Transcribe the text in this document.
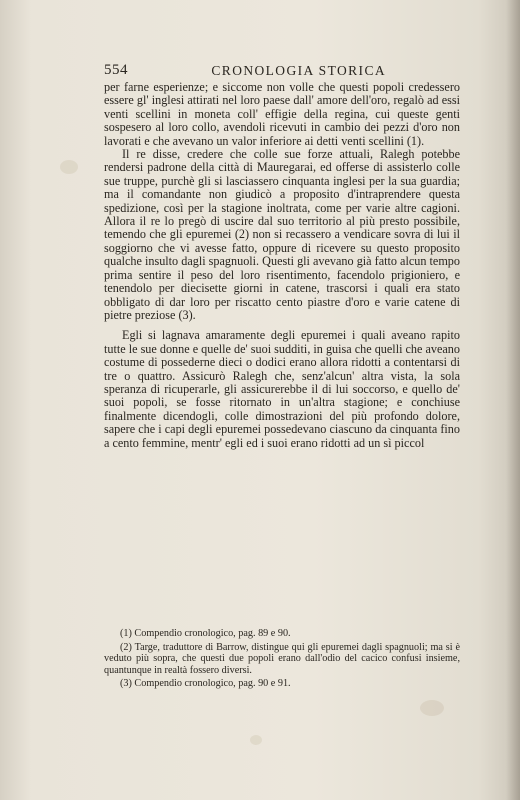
554	CRONOLOGIA STORICA

per farne esperienze; e siccome non volle che questi popoli credessero essere gl' inglesi attirati nel loro paese dall' amore dell'oro, regalò ad essi venti scellini in moneta coll' effigie della regina, cui queste genti sospesero al loro collo, avendoli ricevuti in cambio dei pezzi d'oro non lavorati e che avevano un valor inferiore ai detti venti scellini (1).

Il re disse, credere che colle sue forze attuali, Ralegh potebbe rendersi padrone della città di Mauregarai, ed offerse di assisterlo colle sue truppe, purchè gli si lasciassero cinquanta inglesi per la sua guardia; ma il comandante non giudicò a proposito d'intraprendere questa spedizione, così per la stagione inoltrata, come per varie altre cagioni. Allora il re lo pregò di uscire dal suo territorio al più presto possibile, temendo che gli epuremei (2) non si recassero a vendicare sovra di lui il soggiorno che vi avesse fatto, oppure di ricevere su questo proposito qualche insulto dagli spagnuoli. Questi gli avevano già fatto alcun tempo prima sentire il peso del loro risentimento, facendolo prigioniero, e tenendolo per diecisette giorni in catene, trascorsi i quali era stato obbligato di dar loro per riscatto cento piastre d'oro e varie catene di pietre preziose (3).

Egli si lagnava amaramente degli epuremei i quali aveano rapito tutte le sue donne e quelle de' suoi sudditi, in guisa che quelli che aveano costume di possederne dieci o dodici erano allora ridotti a contentarsi di tre o quattro. Assicurò Ralegh che, senz'alcun' altra vista, la sola speranza di ricuperarle, gli assicurerebbe il di lui soccorso, e quello de' suoi popoli, se fosse ritornato in un'altra stagione; e conchiuse finalmente dicendogli, colle dimostrazioni del più profondo dolore, sapere che i capi degli epuremei possedevano ciascuno da cinquanta fino a cento femmine, mentr' egli ed i suoi erano ridotti ad un sì piccol

(1) Compendio cronologico, pag. 89 e 90.

(2) Targe, traduttore di Barrow, distingue qui gli epuremei dagli spagnuoli; ma si è veduto più sopra, che questi due popoli erano dall'odio del cacico confusi insieme, quantunque in realtà fossero diversi.

(3) Compendio cronologico, pag. 90 e 91.
